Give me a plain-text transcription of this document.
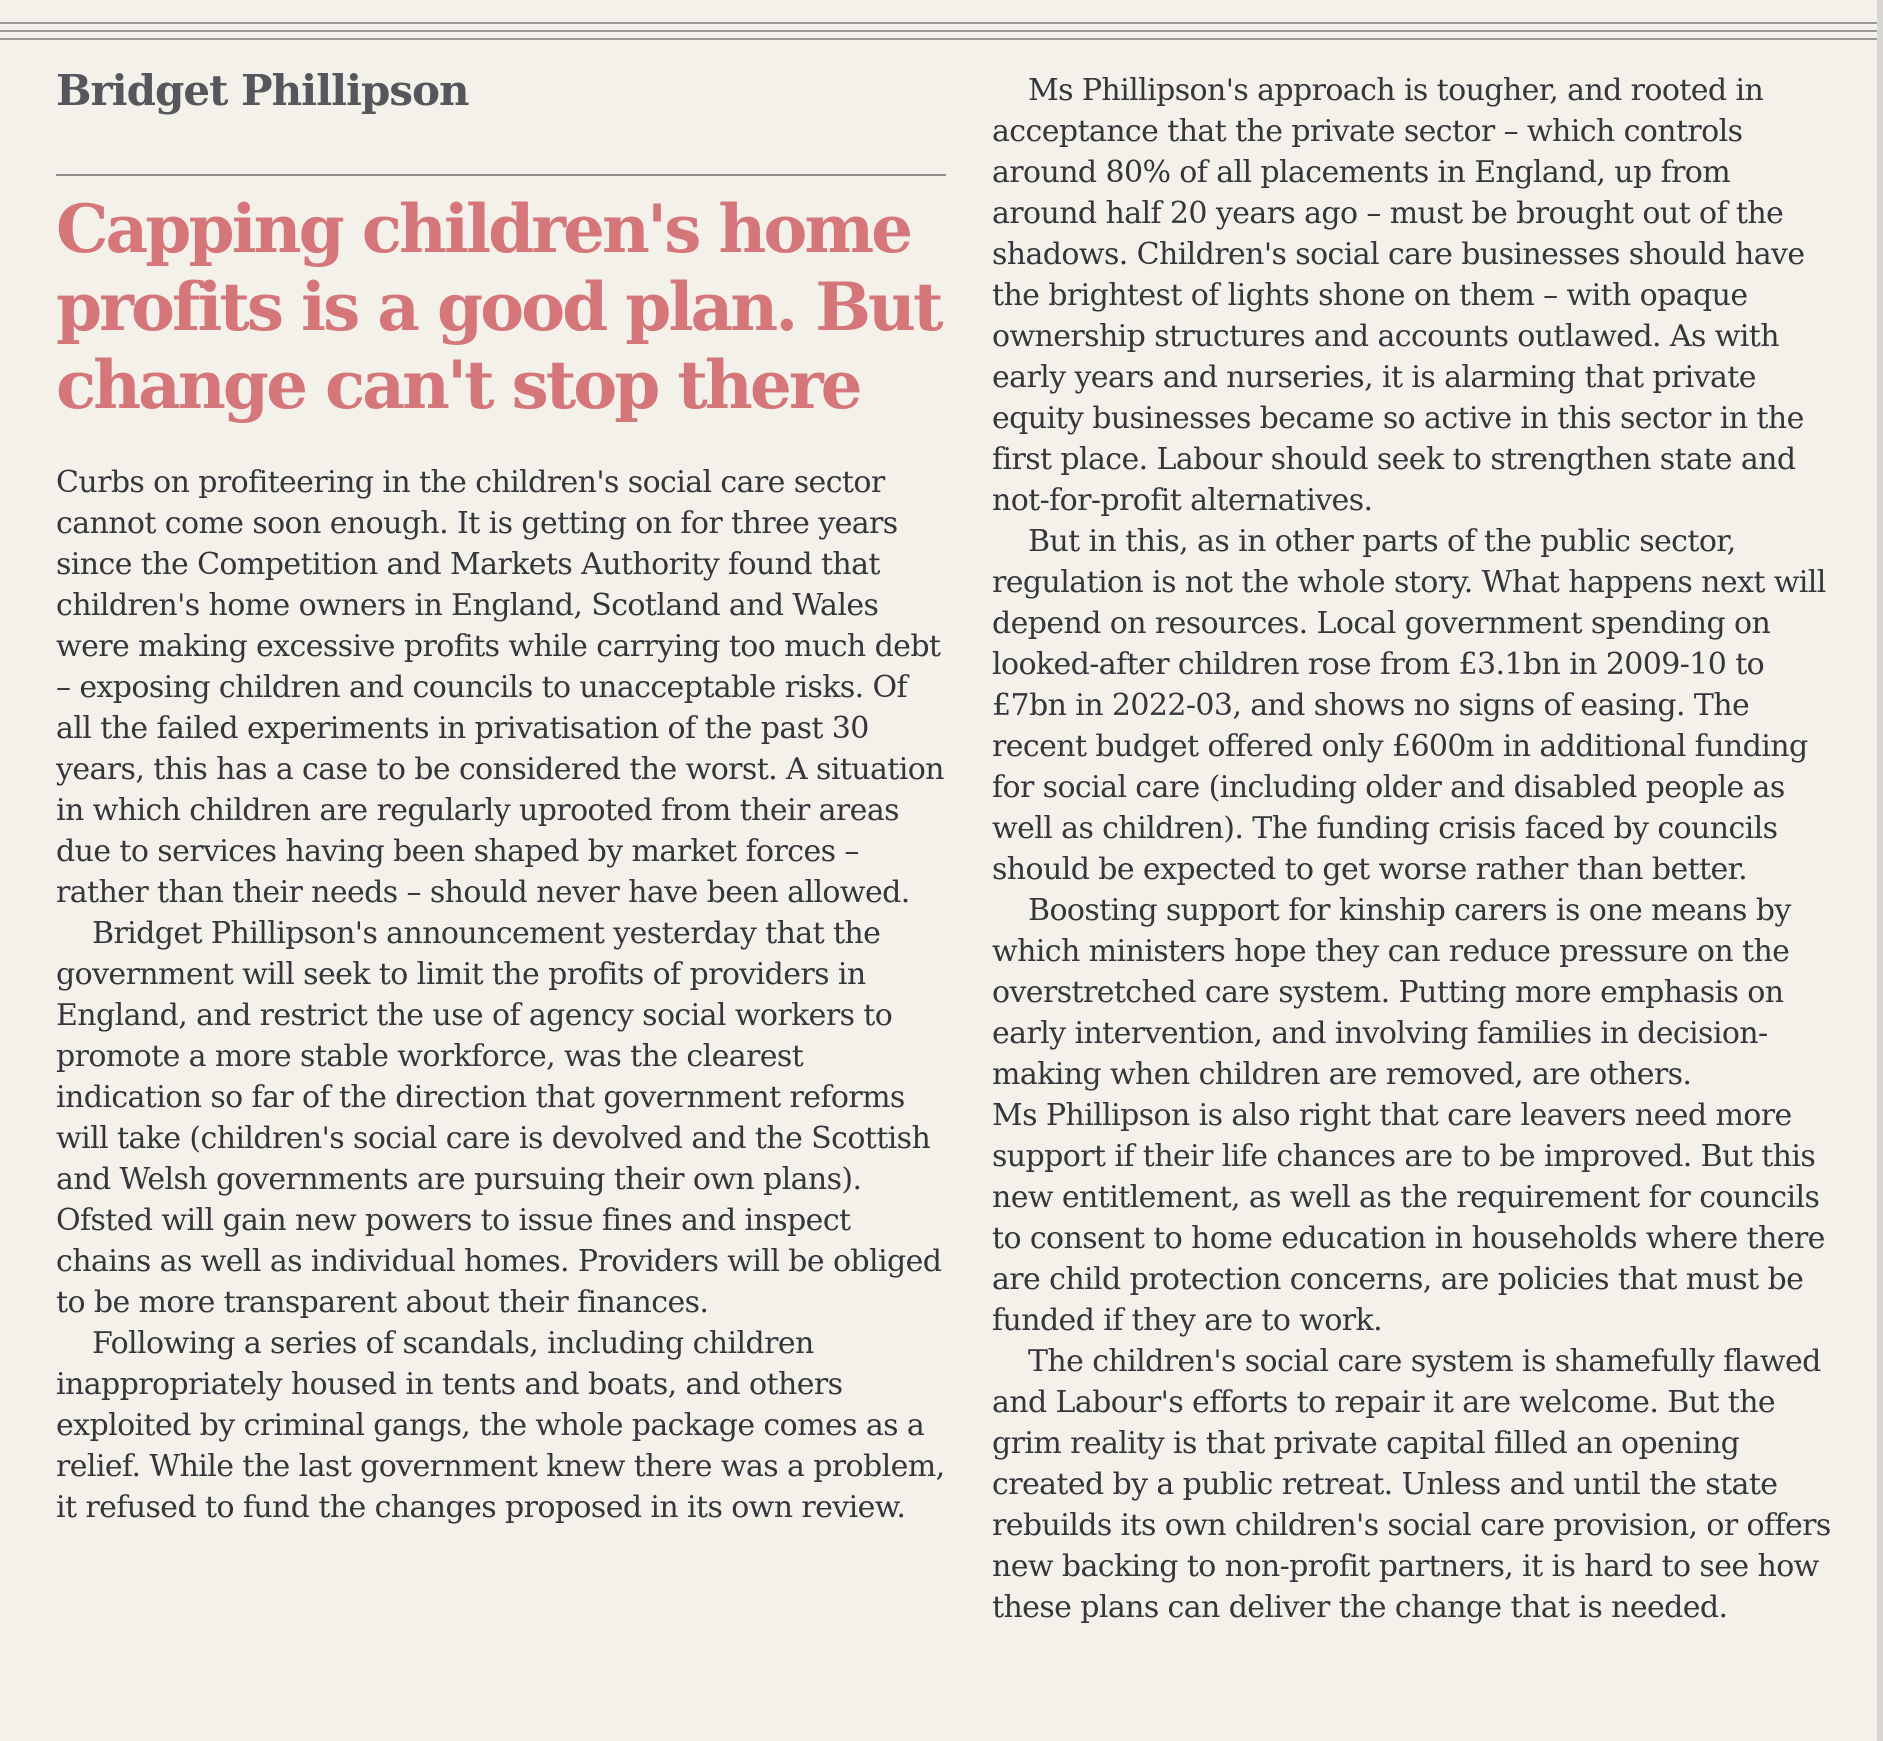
Bridget Phillipson
Capping children's home profits is a good plan. But change can't stop there

Curbs on profiteering in the children's social care sector cannot come soon enough. It is getting on for three years since the Competition and Markets Authority found that children's home owners in England, Scotland and Wales were making excessive profits while carrying too much debt – exposing children and councils to unacceptable risks. Of all the failed experiments in privatisation of the past 30 years, this has a case to be considered the worst. A situation in which children are regularly uprooted from their areas due to services having been shaped by market forces – rather than their needs – should never have been allowed.

Bridget Phillipson's announcement yesterday that the government will seek to limit the profits of providers in England, and restrict the use of agency social workers to promote a more stable workforce, was the clearest indication so far of the direction that government reforms will take (children's social care is devolved and the Scottish and Welsh governments are pursuing their own plans). Ofsted will gain new powers to issue fines and inspect chains as well as individual homes. Providers will be obliged to be more transparent about their finances.

Following a series of scandals, including children inappropriately housed in tents and boats, and others exploited by criminal gangs, the whole package comes as a relief. While the last government knew there was a problem, it refused to fund the changes proposed in its own review.

Ms Phillipson's approach is tougher, and rooted in acceptance that the private sector – which controls around 80% of all placements in England, up from around half 20 years ago – must be brought out of the shadows. Children's social care businesses should have the brightest of lights shone on them – with opaque ownership structures and accounts outlawed. As with early years and nurseries, it is alarming that private equity businesses became so active in this sector in the first place. Labour should seek to strengthen state and not-for-profit alternatives.

But in this, as in other parts of the public sector, regulation is not the whole story. What happens next will depend on resources. Local government spending on looked-after children rose from £3.1bn in 2009-10 to £7bn in 2022-03, and shows no signs of easing. The recent budget offered only £600m in additional funding for social care (including older and disabled people as well as children). The funding crisis faced by councils should be expected to get worse rather than better.

Boosting support for kinship carers is one means by which ministers hope they can reduce pressure on the overstretched care system. Putting more emphasis on early intervention, and involving families in decision-making when children are removed, are others.

Ms Phillipson is also right that care leavers need more support if their life chances are to be improved. But this new entitlement, as well as the requirement for councils to consent to home education in households where there are child protection concerns, are policies that must be funded if they are to work.

The children's social care system is shamefully flawed and Labour's efforts to repair it are welcome. But the grim reality is that private capital filled an opening created by a public retreat. Unless and until the state rebuilds its own children's social care provision, or offers new backing to non-profit partners, it is hard to see how these plans can deliver the change that is needed.
